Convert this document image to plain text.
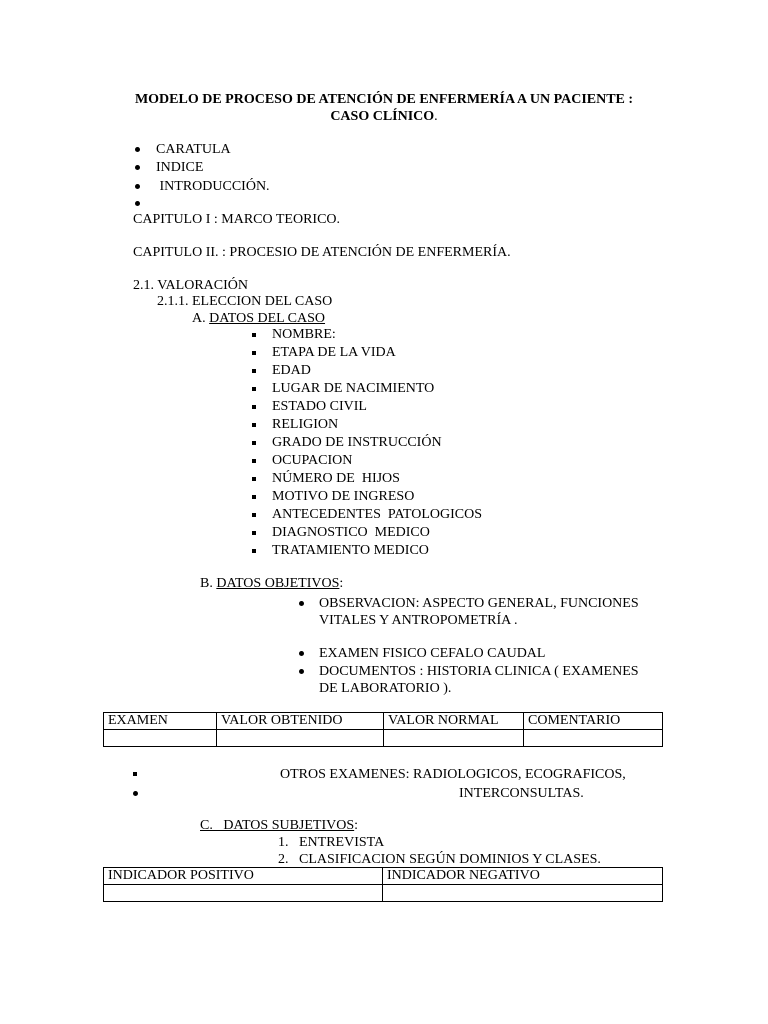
MODELO DE PROCESO DE ATENCIÓN DE ENFERMERÍA A UN PACIENTE :
CASO CLÍNICO.
CARATULA
INDICE
INTRODUCCIÓN.
CAPITULO I : MARCO TEORICO.
CAPITULO II. : PROCESIO DE ATENCIÓN DE ENFERMERÍA.
2.1. VALORACIÓN
2.1.1. ELECCION DEL CASO
A. DATOS DEL CASO
NOMBRE:
ETAPA DE LA VIDA
EDAD
LUGAR DE NACIMIENTO
ESTADO CIVIL
RELIGION
GRADO DE INSTRUCCIÓN
OCUPACION
NÚMERO DE  HIJOS
MOTIVO DE INGRESO
ANTECEDENTES  PATOLOGICOS
DIAGNOSTICO  MEDICO
TRATAMIENTO MEDICO
B. DATOS OBJETIVOS:
OBSERVACION: ASPECTO GENERAL, FUNCIONES
VITALES Y ANTROPOMETRÍA .
EXAMEN FISICO CEFALO CAUDAL
DOCUMENTOS : HISTORIA CLINICA ( EXAMENES
DE LABORATORIO ).
EXAMEN	VALOR OBTENIDO	VALOR NORMAL	COMENTARIO

OTROS EXAMENES: RADIOLOGICOS, ECOGRAFICOS,
INTERCONSULTAS.
C.   DATOS SUBJETIVOS:
1. ENTREVISTA
2. CLASIFICACION SEGÚN DOMINIOS Y CLASES.
INDICADOR POSITIVO	INDICADOR NEGATIVO
